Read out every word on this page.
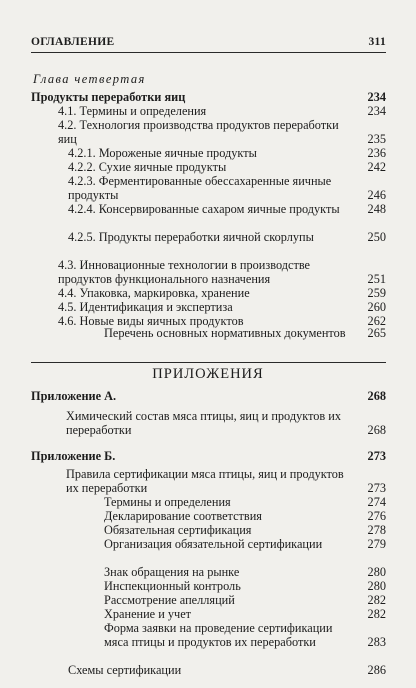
ОГЛАВЛЕНИЕ	311
Глава четвертая
Продукты переработки яиц	234
4.1. Термины и определения	234
4.2. Технология производства продуктов переработки яиц	235
4.2.1. Мороженые яичные продукты	236
4.2.2. Сухие яичные продукты	242
4.2.3. Ферментированные обессахаренные яичные продукты	246
4.2.4. Консервированные сахаром яичные продукты	248
4.2.5. Продукты переработки яичной скорлупы	250
4.3. Инновационные технологии в производстве продуктов функционального назначения	251
4.4. Упаковка, маркировка, хранение	259
4.5. Идентификация и экспертиза	260
4.6. Новые виды яичных продуктов	262
Перечень основных нормативных документов	265
ПРИЛОЖЕНИЯ
Приложение А.	268
Химический состав мяса птицы, яиц и продуктов их переработки	268
Приложение Б.	273
Правила сертификации мяса птицы, яиц и продуктов их переработки	273
Термины и определения	274
Декларирование соответствия	276
Обязательная сертификация	278
Организация обязательной сертификации	279
Знак обращения на рынке	280
Инспекционный контроль	280
Рассмотрение апелляций	282
Хранение и учет	282
Форма заявки на проведение сертификации мяса птицы и продуктов их переработки	283
Схемы сертификации	286
